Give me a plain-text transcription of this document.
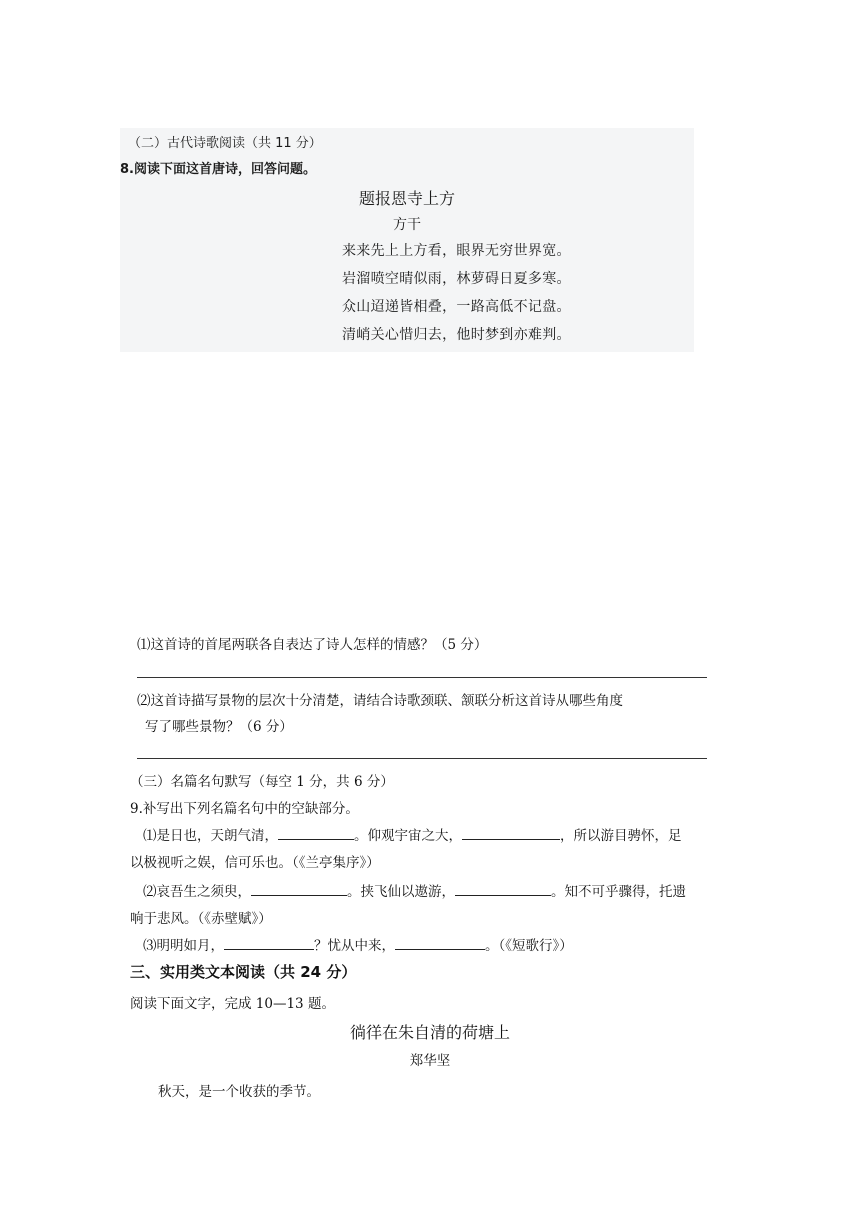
（二）古代诗歌阅读（共 11 分）
8.阅读下面这首唐诗，回答问题。
题报恩寺上方
方干
来来先上上方看，眼界无穷世界宽。
岩溜喷空晴似雨，林萝碍日夏多寒。
众山迢递皆相叠，一路高低不记盘。
清峭关心惜归去，他时梦到亦难判。
⑴这首诗的首尾两联各自表达了诗人怎样的情感？（5 分）
⑵这首诗描写景物的层次十分清楚，请结合诗歌颈联、颔联分析这首诗从哪些角度
写了哪些景物？（6 分）
（三）名篇名句默写（每空 1 分，共 6 分）
9.补写出下列名篇名句中的空缺部分。
⑴是日也，天朗气清，	。仰观宇宙之大，	，所以游目骋怀，足
以极视听之娱，信可乐也。（《兰亭集序》）
⑵哀吾生之须臾，	。挟飞仙以遨游，	。知不可乎骤得，托遗
响于悲风。（《赤壁赋》）
⑶明明如月，	？忧从中来，	。（《短歌行》）
三、实用类文本阅读（共 24 分）
阅读下面文字，完成 10—13 题。
徜徉在朱自清的荷塘上
郑华坚
秋天，是一个收获的季节。
